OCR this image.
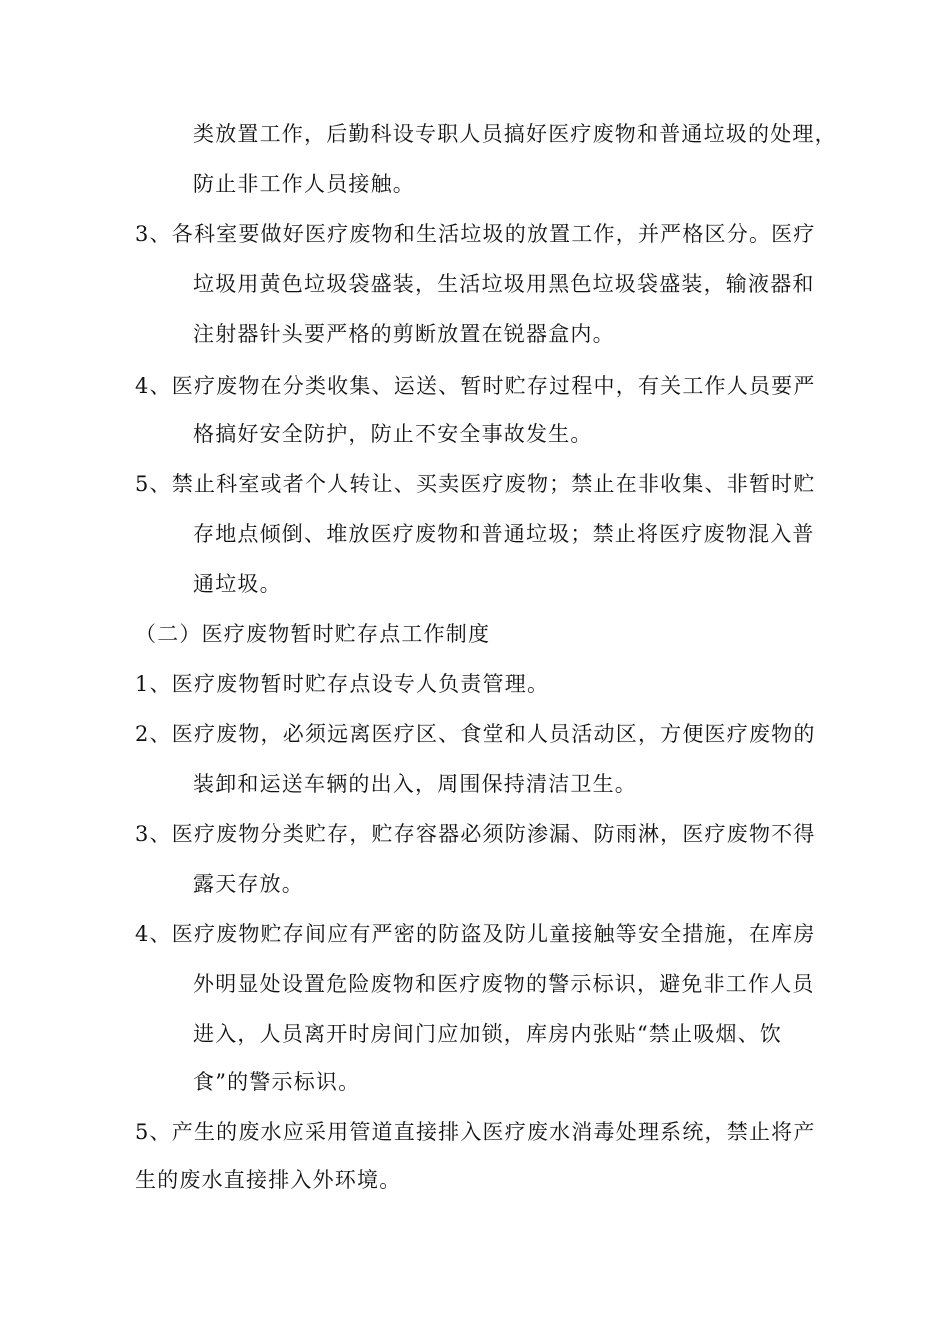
类放置工作，后勤科设专职人员搞好医疗废物和普通垃圾的处理，
防止非工作人员接触。
3、各科室要做好医疗废物和生活垃圾的放置工作，并严格区分。医疗
垃圾用黄色垃圾袋盛装，生活垃圾用黑色垃圾袋盛装，输液器和
注射器针头要严格的剪断放置在锐器盒内。
4、医疗废物在分类收集、运送、暂时贮存过程中，有关工作人员要严
格搞好安全防护，防止不安全事故发生。
5、禁止科室或者个人转让、买卖医疗废物；禁止在非收集、非暂时贮
存地点倾倒、堆放医疗废物和普通垃圾；禁止将医疗废物混入普
通垃圾。
（二）医疗废物暂时贮存点工作制度
1、医疗废物暂时贮存点设专人负责管理。
2、医疗废物，必须远离医疗区、食堂和人员活动区，方便医疗废物的
装卸和运送车辆的出入，周围保持清洁卫生。
3、医疗废物分类贮存，贮存容器必须防渗漏、防雨淋，医疗废物不得
露天存放。
4、医疗废物贮存间应有严密的防盗及防儿童接触等安全措施，在库房
外明显处设置危险废物和医疗废物的警示标识，避免非工作人员
进入，人员离开时房间门应加锁，库房内张贴“禁止吸烟、饮
食”的警示标识。
5、产生的废水应采用管道直接排入医疗废水消毒处理系统，禁止将产
生的废水直接排入外环境。
